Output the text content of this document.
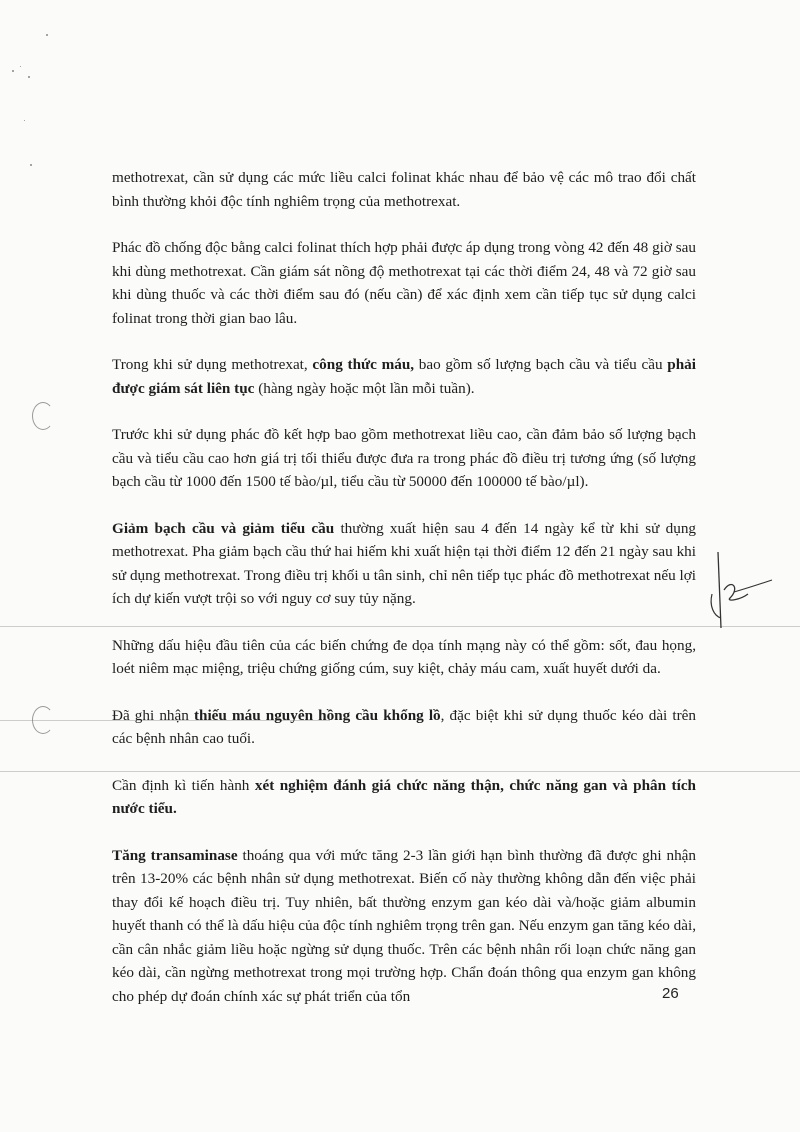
methotrexat, cần sử dụng các mức liều calci folinat khác nhau để bảo vệ các mô trao đổi chất bình thường khỏi độc tính nghiêm trọng của methotrexat.

Phác đồ chống độc bằng calci folinat thích hợp phải được áp dụng trong vòng 42 đến 48 giờ sau khi dùng methotrexat. Cần giám sát nồng độ methotrexat tại các thời điểm 24, 48 và 72 giờ sau khi dùng thuốc và các thời điểm sau đó (nếu cần) để xác định xem cần tiếp tục sử dụng calci folinat trong thời gian bao lâu.

Trong khi sử dụng methotrexat, công thức máu, bao gồm số lượng bạch cầu và tiểu cầu phải được giám sát liên tục (hàng ngày hoặc một lần mỗi tuần).

Trước khi sử dụng phác đồ kết hợp bao gồm methotrexat liều cao, cần đảm bảo số lượng bạch cầu và tiểu cầu cao hơn giá trị tối thiểu được đưa ra trong phác đồ điều trị tương ứng (số lượng bạch cầu từ 1000 đến 1500 tế bào/µl, tiểu cầu từ 50000 đến 100000 tế bào/µl).

Giảm bạch cầu và giảm tiểu cầu thường xuất hiện sau 4 đến 14 ngày kể từ khi sử dụng methotrexat. Pha giảm bạch cầu thứ hai hiếm khi xuất hiện tại thời điểm 12 đến 21 ngày sau khi sử dụng methotrexat. Trong điều trị khối u tân sinh, chỉ nên tiếp tục phác đồ methotrexat nếu lợi ích dự kiến vượt trội so với nguy cơ suy tủy nặng.

Những dấu hiệu đầu tiên của các biến chứng đe dọa tính mạng này có thể gồm: sốt, đau họng, loét niêm mạc miệng, triệu chứng giống cúm, suy kiệt, chảy máu cam, xuất huyết dưới da.

Đã ghi nhận thiếu máu nguyên hồng cầu khổng lồ, đặc biệt khi sử dụng thuốc kéo dài trên các bệnh nhân cao tuổi.

Cần định kì tiến hành xét nghiệm đánh giá chức năng thận, chức năng gan và phân tích nước tiểu.

Tăng transaminase thoáng qua với mức tăng 2-3 lần giới hạn bình thường đã được ghi nhận trên 13-20% các bệnh nhân sử dụng methotrexat. Biến cố này thường không dẫn đến việc phải thay đổi kế hoạch điều trị. Tuy nhiên, bất thường enzym gan kéo dài và/hoặc giảm albumin huyết thanh có thể là dấu hiệu của độc tính nghiêm trọng trên gan. Nếu enzym gan tăng kéo dài, cần cân nhắc giảm liều hoặc ngừng sử dụng thuốc. Trên các bệnh nhân rối loạn chức năng gan kéo dài, cần ngừng methotrexat trong mọi trường hợp. Chẩn đoán thông qua enzym gan không cho phép dự đoán chính xác sự phát triển của tổn	26
